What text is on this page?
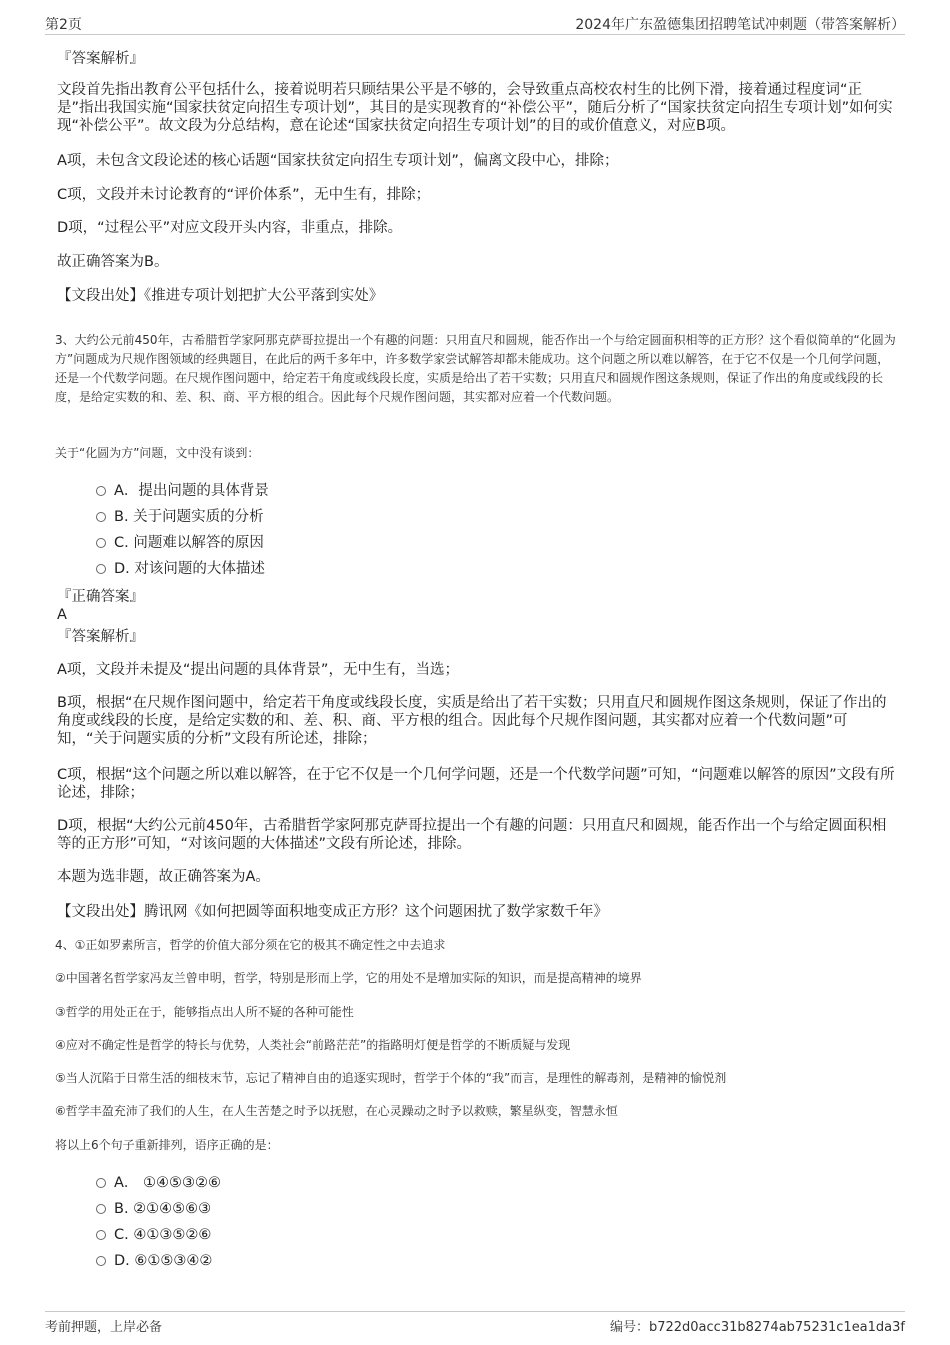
第2页	2024年广东盈德集团招聘笔试冲刺题（带答案解析）
『答案解析』
文段首先指出教育公平包括什么，接着说明若只顾结果公平是不够的，会导致重点高校农村生的比例下滑，接着通过程度词“正是”指出我国实施“国家扶贫定向招生专项计划”，其目的是实现教育的“补偿公平”，随后分析了“国家扶贫定向招生专项计划”如何实现“补偿公平”。故文段为分总结构，意在论述“国家扶贫定向招生专项计划”的目的或价值意义，对应B项。
A项，未包含文段论述的核心话题“国家扶贫定向招生专项计划”，偏离文段中心，排除；
C项，文段并未讨论教育的“评价体系”，无中生有，排除；
D项，“过程公平”对应文段开头内容，非重点，排除。
故正确答案为B。
【文段出处】《推进专项计划把扩大公平落到实处》
3、大约公元前450年，古希腊哲学家阿那克萨哥拉提出一个有趣的问题：只用直尺和圆规，能否作出一个与给定圆面积相等的正方形？这个看似简单的“化圆为方”问题成为尺规作图领域的经典题目，在此后的两千多年中，许多数学家尝试解答却都未能成功。这个问题之所以难以解答，在于它不仅是一个几何学问题，还是一个代数学问题。在尺规作图问题中，给定若干角度或线段长度，实质是给出了若干实数；只用直尺和圆规作图这条规则，保证了作出的角度或线段的长度，是给定实数的和、差、积、商、平方根的组合。因此每个尺规作图问题，其实都对应着一个代数问题。
关于“化圆为方”问题，文中没有谈到：
A．提出问题的具体背景
B. 关于问题实质的分析
C. 问题难以解答的原因
D. 对该问题的大体描述
『正确答案』
A
『答案解析』
A项，文段并未提及“提出问题的具体背景”，无中生有，当选；
B项，根据“在尺规作图问题中，给定若干角度或线段长度，实质是给出了若干实数；只用直尺和圆规作图这条规则，保证了作出的角度或线段的长度，是给定实数的和、差、积、商、平方根的组合。因此每个尺规作图问题，其实都对应着一个代数问题”可知，“关于问题实质的分析”文段有所论述，排除；
C项，根据“这个问题之所以难以解答，在于它不仅是一个几何学问题，还是一个代数学问题”可知，“问题难以解答的原因”文段有所论述，排除；
D项，根据“大约公元前450年，古希腊哲学家阿那克萨哥拉提出一个有趣的问题：只用直尺和圆规，能否作出一个与给定圆面积相等的正方形”可知，“对该问题的大体描述”文段有所论述，排除。
本题为选非题，故正确答案为A。
【文段出处】腾讯网《如何把圆等面积地变成正方形？这个问题困扰了数学家数千年》
4、①正如罗素所言，哲学的价值大部分须在它的极其不确定性之中去追求
②中国著名哲学家冯友兰曾申明，哲学，特别是形而上学，它的用处不是增加实际的知识，而是提高精神的境界
③哲学的用处正在于，能够指点出人所不疑的各种可能性
④应对不确定性是哲学的特长与优势，人类社会“前路茫茫”的指路明灯便是哲学的不断质疑与发现
⑤当人沉陷于日常生活的细枝末节，忘记了精神自由的追逐实现时，哲学于个体的“我”而言，是理性的解毒剂，是精神的愉悦剂
⑥哲学丰盈充沛了我们的人生，在人生苦楚之时予以抚慰，在心灵躁动之时予以救赎，繁星纵变，智慧永恒
将以上6个句子重新排列，语序正确的是：
A． ①④⑤③②⑥
B. ②①④⑤⑥③
C. ④①③⑤②⑥
D. ⑥①⑤③④②
考前押题，上岸必备	编号：b722d0acc31b8274ab75231c1ea1da3f
